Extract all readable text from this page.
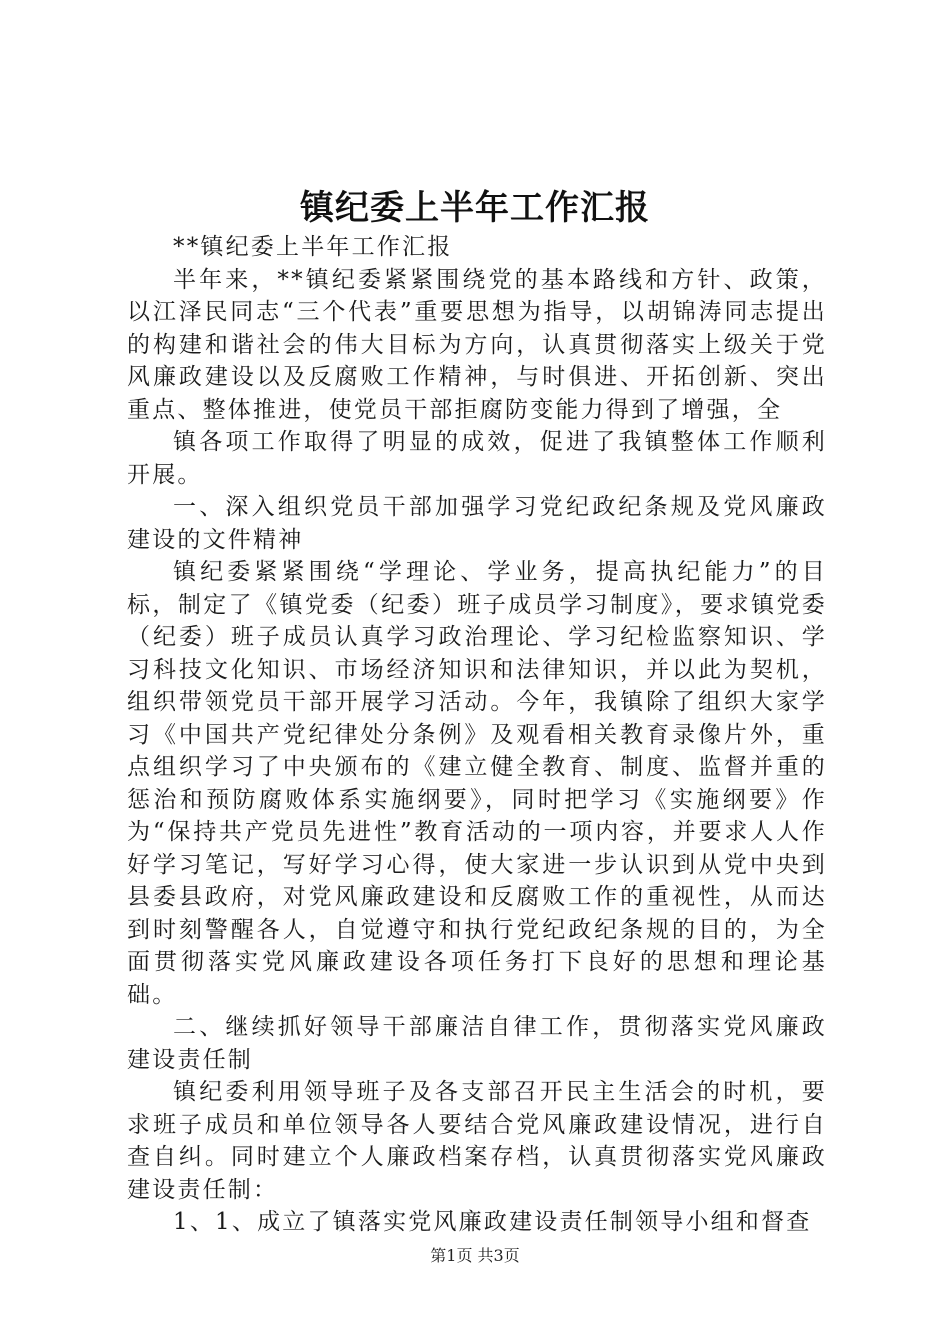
镇纪委上半年工作汇报

**镇纪委上半年工作汇报

半年来，**镇纪委紧紧围绕党的基本路线和方针、政策，以江泽民同志“三个代表”重要思想为指导，以胡锦涛同志提出的构建和谐社会的伟大目标为方向，认真贯彻落实上级关于党风廉政建设以及反腐败工作精神，与时俱进、开拓创新、突出重点、整体推进，使党员干部拒腐防变能力得到了增强，全

镇各项工作取得了明显的成效，促进了我镇整体工作顺利开展。

一、深入组织党员干部加强学习党纪政纪条规及党风廉政建设的文件精神

镇纪委紧紧围绕“学理论、学业务，提高执纪能力”的目标，制定了《镇党委（纪委）班子成员学习制度》，要求镇党委（纪委）班子成员认真学习政治理论、学习纪检监察知识、学习科技文化知识、市场经济知识和法律知识，并以此为契机，组织带领党员干部开展学习活动。今年，我镇除了组织大家学习《中国共产党纪律处分条例》及观看相关教育录像片外，重点组织学习了中央颁布的《建立健全教育、制度、监督并重的惩治和预防腐败体系实施纲要》，同时把学习《实施纲要》作为“保持共产党员先进性”教育活动的一项内容，并要求人人作好学习笔记，写好学习心得，使大家进一步认识到从党中央到县委县政府，对党风廉政建设和反腐败工作的重视性，从而达到时刻警醒各人，自觉遵守和执行党纪政纪条规的目的，为全面贯彻落实党风廉政建设各项任务打下良好的思想和理论基础。

二、继续抓好领导干部廉洁自律工作，贯彻落实党风廉政建设责任制

镇纪委利用领导班子及各支部召开民主生活会的时机，要求班子成员和单位领导各人要结合党风廉政建设情况，进行自查自纠。同时建立个人廉政档案存档，认真贯彻落实党风廉政建设责任制：

1、1、成立了镇落实党风廉政建设责任制领导小组和督查

第1页 共3页
